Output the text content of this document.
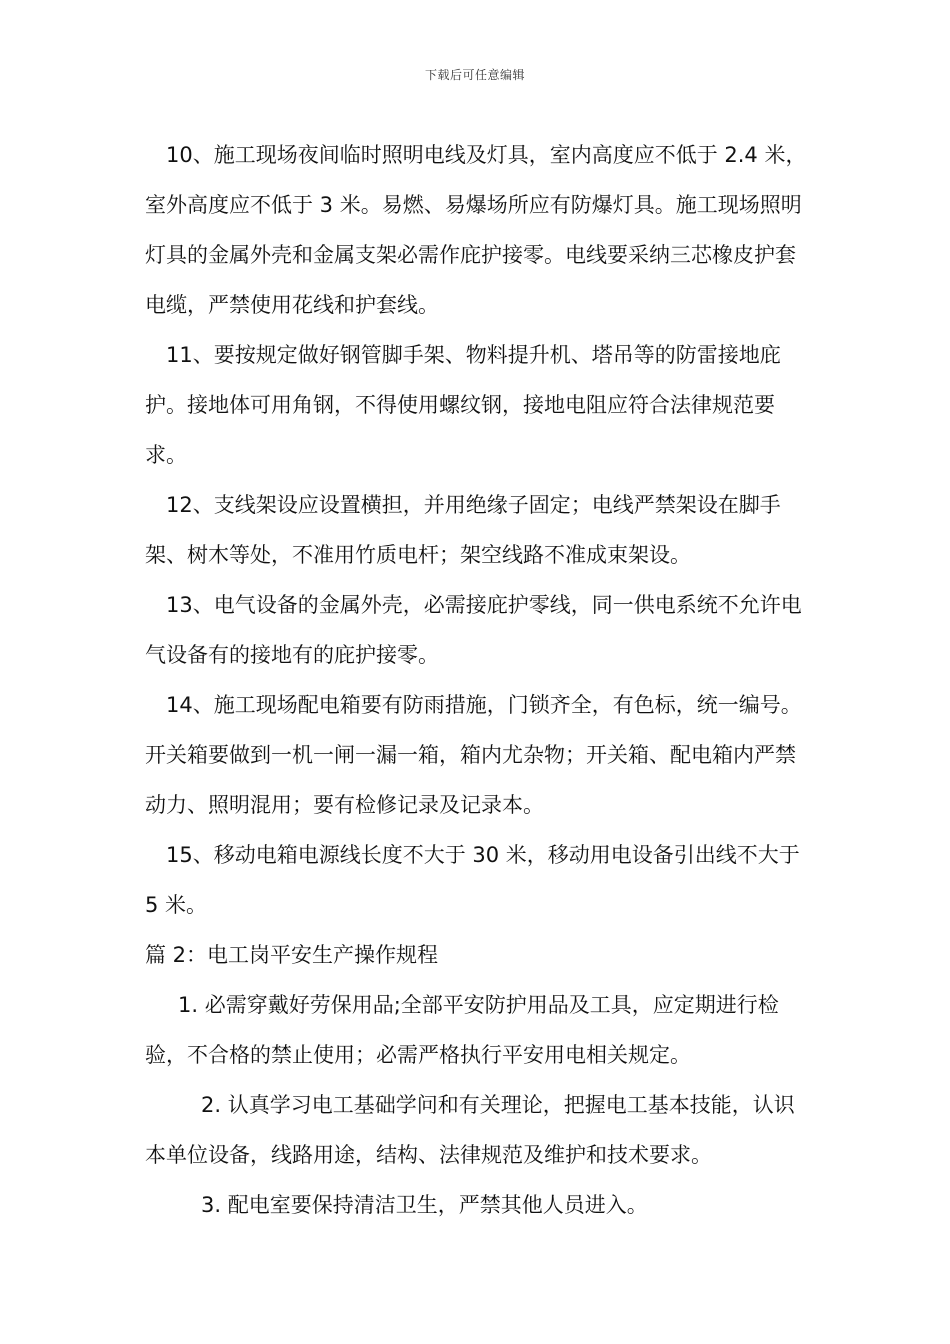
下载后可任意编辑

10、施工现场夜间临时照明电线及灯具，室内高度应不低于 2.4 米，室外高度应不低于 3 米。易燃、易爆场所应有防爆灯具。施工现场照明灯具的金属外壳和金属支架必需作庇护接零。电线要采纳三芯橡皮护套电缆，严禁使用花线和护套线。

11、要按规定做好钢管脚手架、物料提升机、塔吊等的防雷接地庇护。接地体可用角钢，不得使用螺纹钢，接地电阻应符合法律规范要求。

12、支线架设应设置横担，并用绝缘子固定；电线严禁架设在脚手架、树木等处，不准用竹质电杆；架空线路不准成束架设。

13、电气设备的金属外壳，必需接庇护零线，同一供电系统不允许电气设备有的接地有的庇护接零。

14、施工现场配电箱要有防雨措施，门锁齐全，有色标，统一编号。开关箱要做到一机一闸一漏一箱，箱内尤杂物；开关箱、配电箱内严禁动力、照明混用；要有检修记录及记录本。

15、移动电箱电源线长度不大于 30 米，移动用电设备引出线不大于 5 米。

篇 2：电工岗平安生产操作规程

1. 必需穿戴好劳保用品;全部平安防护用品及工具，应定期进行检验，不合格的禁止使用；必需严格执行平安用电相关规定。

2. 认真学习电工基础学问和有关理论，把握电工基本技能，认识本单位设备，线路用途，结构、法律规范及维护和技术要求。

3. 配电室要保持清洁卫生，严禁其他人员进入。
